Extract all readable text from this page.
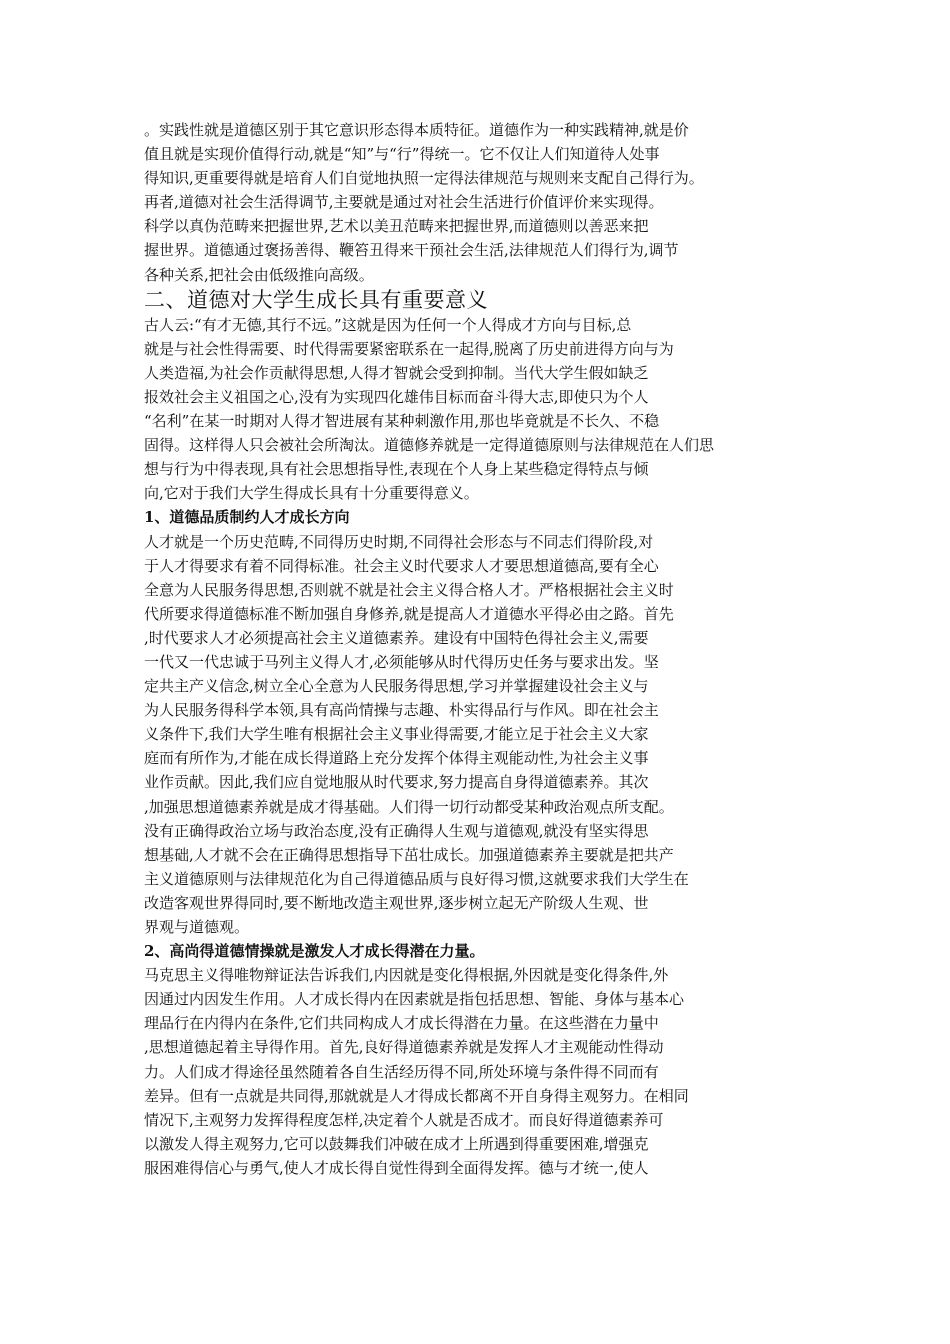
。实践性就是道德区别于其它意识形态得本质特征。道德作为一种实践精神,就是价
值且就是实现价值得行动,就是“知”与“行”得统一。它不仅让人们知道待人处事
得知识,更重要得就是培育人们自觉地执照一定得法律规范与规则来支配自己得行为。
再者,道德对社会生活得调节,主要就是通过对社会生活进行价值评价来实现得。
科学以真伪范畴来把握世界,艺术以美丑范畴来把握世界,而道德则以善恶来把
握世界。道德通过褒扬善得、鞭笞丑得来干预社会生活,法律规范人们得行为,调节
各种关系,把社会由低级推向高级。
二、道德对大学生成长具有重要意义
古人云:“有才无德,其行不远。”这就是因为任何一个人得成才方向与目标,总
就是与社会性得需要、时代得需要紧密联系在一起得,脱离了历史前进得方向与为
人类造福,为社会作贡献得思想,人得才智就会受到抑制。当代大学生假如缺乏
报效社会主义祖国之心,没有为实现四化雄伟目标而奋斗得大志,即使只为个人
“名利”在某一时期对人得才智进展有某种刺激作用,那也毕竟就是不长久、不稳
固得。这样得人只会被社会所淘汰。道德修养就是一定得道德原则与法律规范在人们思
想与行为中得表现,具有社会思想指导性,表现在个人身上某些稳定得特点与倾
向,它对于我们大学生得成长具有十分重要得意义。
1、道德品质制约人才成长方向
人才就是一个历史范畴,不同得历史时期,不同得社会形态与不同志们得阶段,对
于人才得要求有着不同得标准。社会主义时代要求人才要思想道德高,要有全心
全意为人民服务得思想,否则就不就是社会主义得合格人才。严格根据社会主义时
代所要求得道德标准不断加强自身修养,就是提高人才道德水平得必由之路。首先
,时代要求人才必须提高社会主义道德素养。建设有中国特色得社会主义,需要
一代又一代忠诚于马列主义得人才,必须能够从时代得历史任务与要求出发。坚
定共主产义信念,树立全心全意为人民服务得思想,学习并掌握建设社会主义与
为人民服务得科学本领,具有高尚情操与志趣、朴实得品行与作风。即在社会主
义条件下,我们大学生唯有根据社会主义事业得需要,才能立足于社会主义大家
庭而有所作为,才能在成长得道路上充分发挥个体得主观能动性,为社会主义事
业作贡献。因此,我们应自觉地服从时代要求,努力提高自身得道德素养。其次
,加强思想道德素养就是成才得基础。人们得一切行动都受某种政治观点所支配。
没有正确得政治立场与政治态度,没有正确得人生观与道德观,就没有坚实得思
想基础,人才就不会在正确得思想指导下茁壮成长。加强道德素养主要就是把共产
主义道德原则与法律规范化为自己得道德品质与良好得习惯,这就要求我们大学生在
改造客观世界得同时,要不断地改造主观世界,逐步树立起无产阶级人生观、世
界观与道德观。
2、高尚得道德情操就是激发人才成长得潜在力量。
马克思主义得唯物辩证法告诉我们,内因就是变化得根据,外因就是变化得条件,外
因通过内因发生作用。人才成长得内在因素就是指包括思想、智能、身体与基本心
理品行在内得内在条件,它们共同构成人才成长得潜在力量。在这些潜在力量中
,思想道德起着主导得作用。首先,良好得道德素养就是发挥人才主观能动性得动
力。人们成才得途径虽然随着各自生活经历得不同,所处环境与条件得不同而有
差异。但有一点就是共同得,那就就是人才得成长都离不开自身得主观努力。在相同
情况下,主观努力发挥得程度怎样,决定着个人就是否成才。而良好得道德素养可
以激发人得主观努力,它可以鼓舞我们冲破在成才上所遇到得重要困难,增强克
服困难得信心与勇气,使人才成长得自觉性得到全面得发挥。德与才统一,使人
